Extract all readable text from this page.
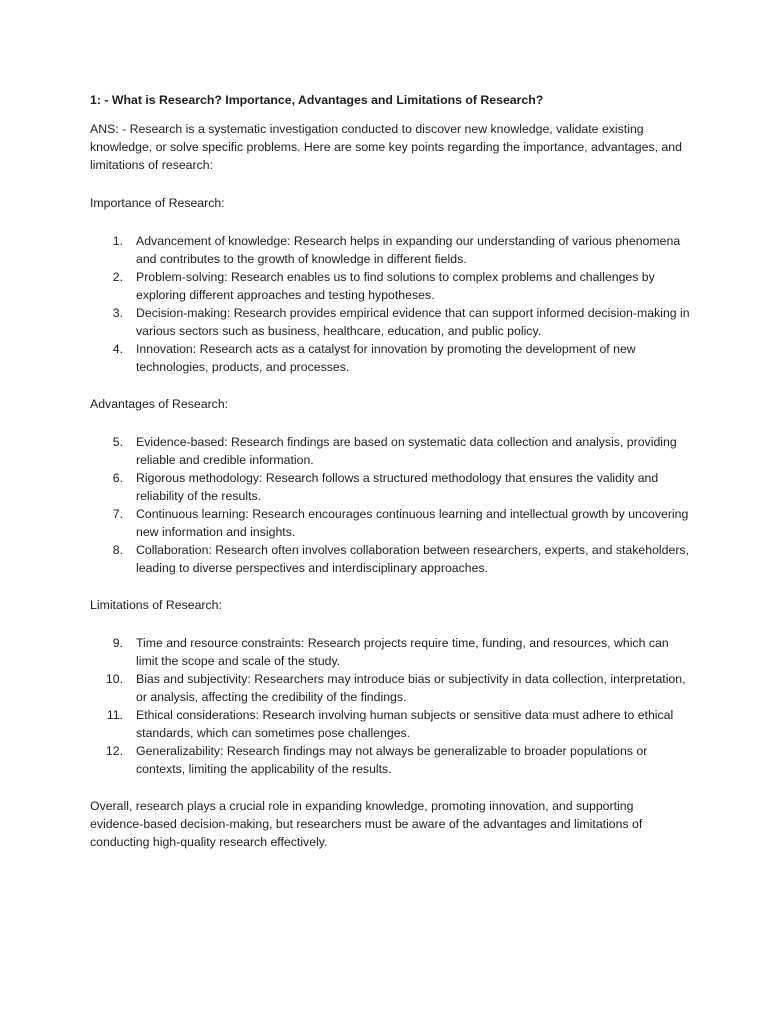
1: - What is Research? Importance, Advantages and Limitations of Research?

ANS: - Research is a systematic investigation conducted to discover new knowledge, validate existing knowledge, or solve specific problems. Here are some key points regarding the importance, advantages, and limitations of research:

Importance of Research:

1. Advancement of knowledge: Research helps in expanding our understanding of various phenomena and contributes to the growth of knowledge in different fields.
2. Problem-solving: Research enables us to find solutions to complex problems and challenges by exploring different approaches and testing hypotheses.
3. Decision-making: Research provides empirical evidence that can support informed decision-making in various sectors such as business, healthcare, education, and public policy.
4. Innovation: Research acts as a catalyst for innovation by promoting the development of new technologies, products, and processes.

Advantages of Research:

5. Evidence-based: Research findings are based on systematic data collection and analysis, providing reliable and credible information.
6. Rigorous methodology: Research follows a structured methodology that ensures the validity and reliability of the results.
7. Continuous learning: Research encourages continuous learning and intellectual growth by uncovering new information and insights.
8. Collaboration: Research often involves collaboration between researchers, experts, and stakeholders, leading to diverse perspectives and interdisciplinary approaches.

Limitations of Research:

9. Time and resource constraints: Research projects require time, funding, and resources, which can limit the scope and scale of the study.
10. Bias and subjectivity: Researchers may introduce bias or subjectivity in data collection, interpretation, or analysis, affecting the credibility of the findings.
11. Ethical considerations: Research involving human subjects or sensitive data must adhere to ethical standards, which can sometimes pose challenges.
12. Generalizability: Research findings may not always be generalizable to broader populations or contexts, limiting the applicability of the results.

Overall, research plays a crucial role in expanding knowledge, promoting innovation, and supporting evidence-based decision-making, but researchers must be aware of the advantages and limitations of conducting high-quality research effectively.
